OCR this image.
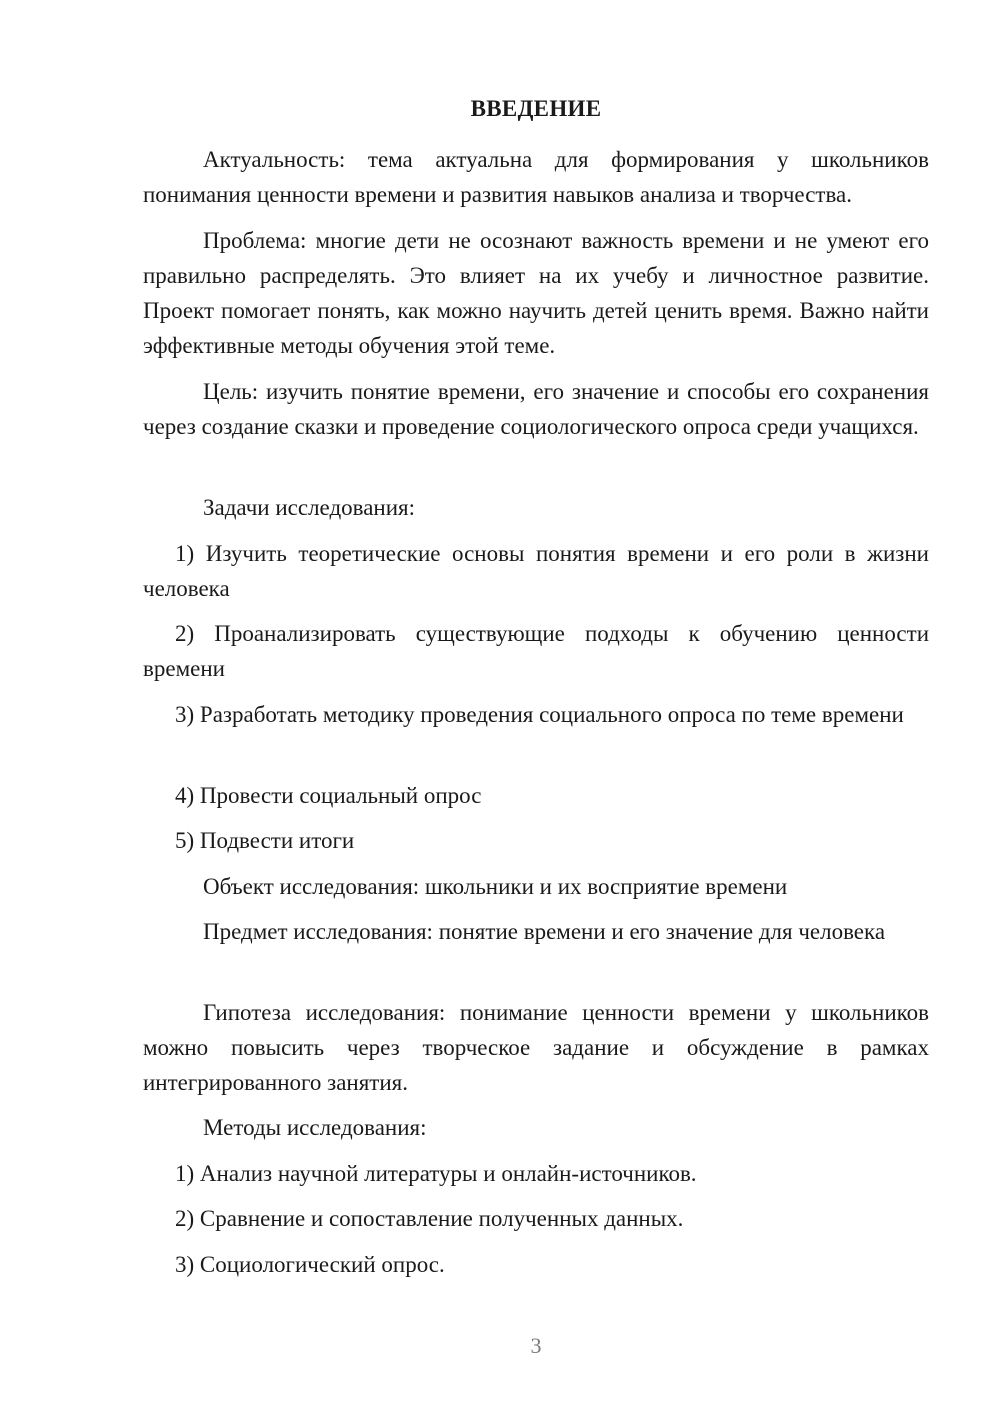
ВВЕДЕНИЕ
Актуальность: тема актуальна для формирования у школьников понимания ценности времени и развития навыков анализа и творчества.
Проблема: многие дети не осознают важность времени и не умеют его правильно распределять. Это влияет на их учебу и личностное развитие. Проект помогает понять, как можно научить детей ценить время. Важно найти эффективные методы обучения этой теме.
Цель: изучить понятие времени, его значение и способы его сохранения через создание сказки и проведение социологического опроса среди учащихся.
Задачи исследования:
1) Изучить теоретические основы понятия времени и его роли в жизни человека
2) Проанализировать существующие подходы к обучению ценности времени
3) Разработать методику проведения социального опроса по теме времени
4) Провести социальный опрос
5) Подвести итоги
Объект исследования: школьники и их восприятие времени
Предмет исследования: понятие времени и его значение для человека
Гипотеза исследования: понимание ценности времени у школьников можно повысить через творческое задание и обсуждение в рамках интегрированного занятия.
Методы исследования:
1) Анализ научной литературы и онлайн-источников.
2) Сравнение и сопоставление полученных данных.
3) Социологический опрос.
3
